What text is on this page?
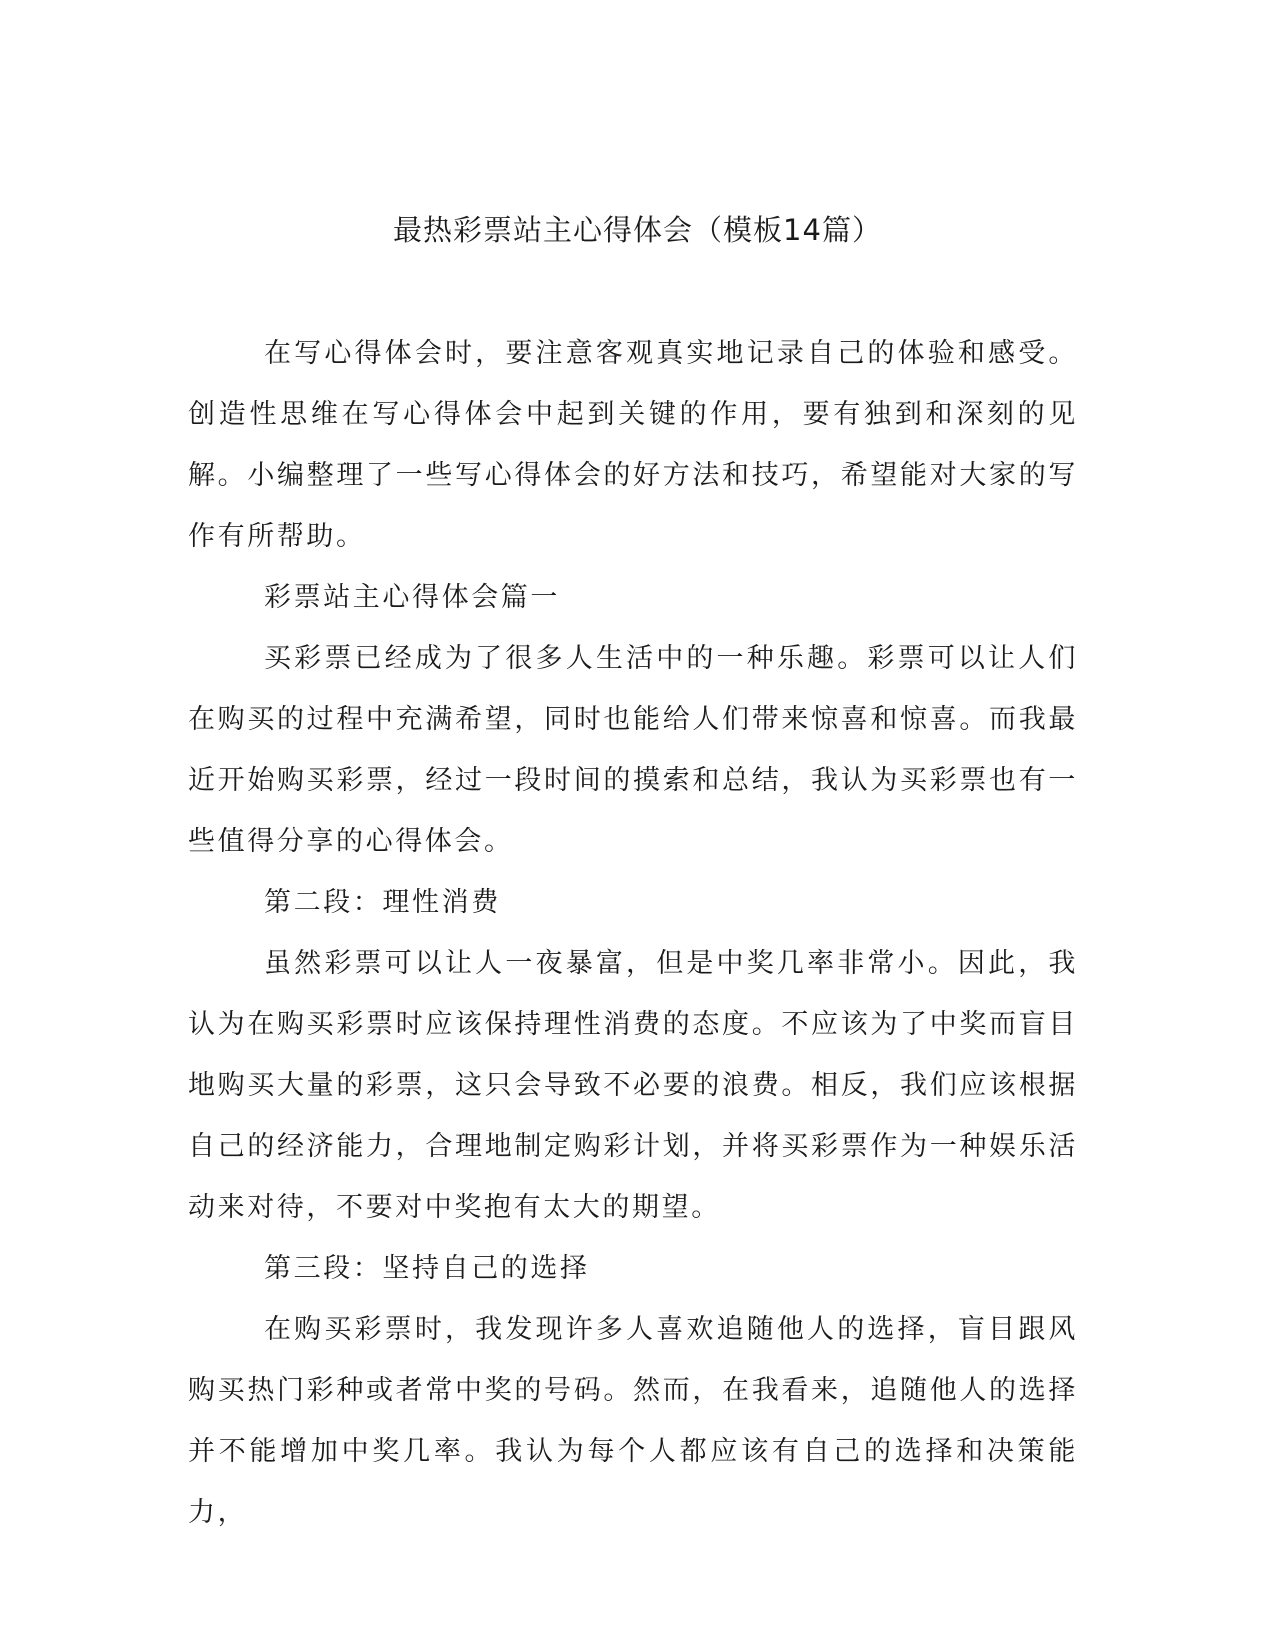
最热彩票站主心得体会（模板14篇）

在写心得体会时，要注意客观真实地记录自己的体验和感受。创造性思维在写心得体会中起到关键的作用，要有独到和深刻的见解。小编整理了一些写心得体会的好方法和技巧，希望能对大家的写作有所帮助。

彩票站主心得体会篇一

买彩票已经成为了很多人生活中的一种乐趣。彩票可以让人们在购买的过程中充满希望，同时也能给人们带来惊喜和惊喜。而我最近开始购买彩票，经过一段时间的摸索和总结，我认为买彩票也有一些值得分享的心得体会。

第二段：理性消费

虽然彩票可以让人一夜暴富，但是中奖几率非常小。因此，我认为在购买彩票时应该保持理性消费的态度。不应该为了中奖而盲目地购买大量的彩票，这只会导致不必要的浪费。相反，我们应该根据自己的经济能力，合理地制定购彩计划，并将买彩票作为一种娱乐活动来对待，不要对中奖抱有太大的期望。

第三段：坚持自己的选择

在购买彩票时，我发现许多人喜欢追随他人的选择，盲目跟风购买热门彩种或者常中奖的号码。然而，在我看来，追随他人的选择并不能增加中奖几率。我认为每个人都应该有自己的选择和决策能力，
